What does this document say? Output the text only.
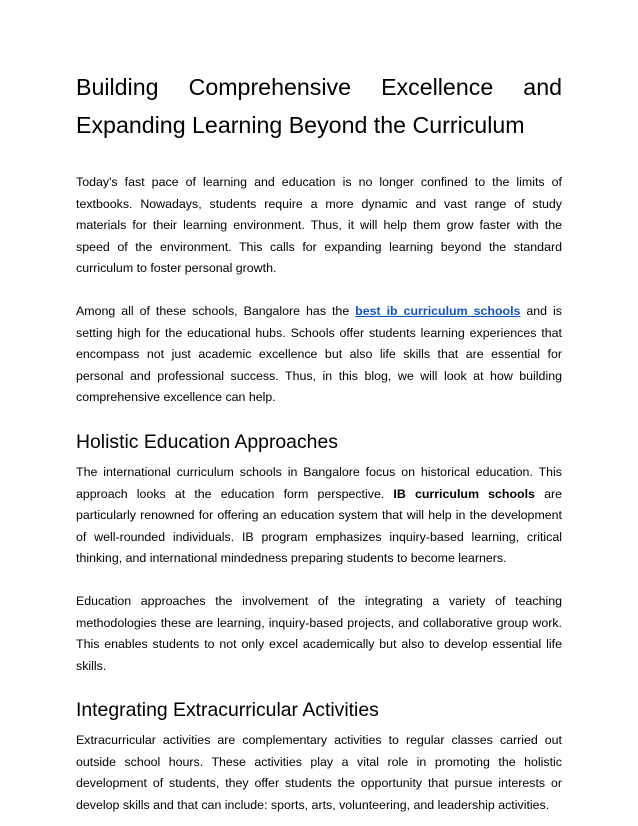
Building Comprehensive Excellence and Expanding Learning Beyond the Curriculum

Today's fast pace of learning and education is no longer confined to the limits of textbooks. Nowadays, students require a more dynamic and vast range of study materials for their learning environment. Thus, it will help them grow faster with the speed of the environment. This calls for expanding learning beyond the standard curriculum to foster personal growth.

Among all of these schools, Bangalore has the best ib curriculum schools and is setting high for the educational hubs. Schools offer students learning experiences that encompass not just academic excellence but also life skills that are essential for personal and professional success. Thus, in this blog, we will look at how building comprehensive excellence can help.

Holistic Education Approaches

The international curriculum schools in Bangalore focus on historical education. This approach looks at the education form perspective. IB curriculum schools are particularly renowned for offering an education system that will help in the development of well-rounded individuals. IB program emphasizes inquiry-based learning, critical thinking, and international mindedness preparing students to become learners.

Education approaches the involvement of the integrating a variety of teaching methodologies these are learning, inquiry-based projects, and collaborative group work. This enables students to not only excel academically but also to develop essential life skills.

Integrating Extracurricular Activities

Extracurricular activities are complementary activities to regular classes carried out outside school hours. These activities play a vital role in promoting the holistic development of students, they offer students the opportunity that pursue interests or develop skills and that can include: sports, arts, volunteering, and leadership activities.
